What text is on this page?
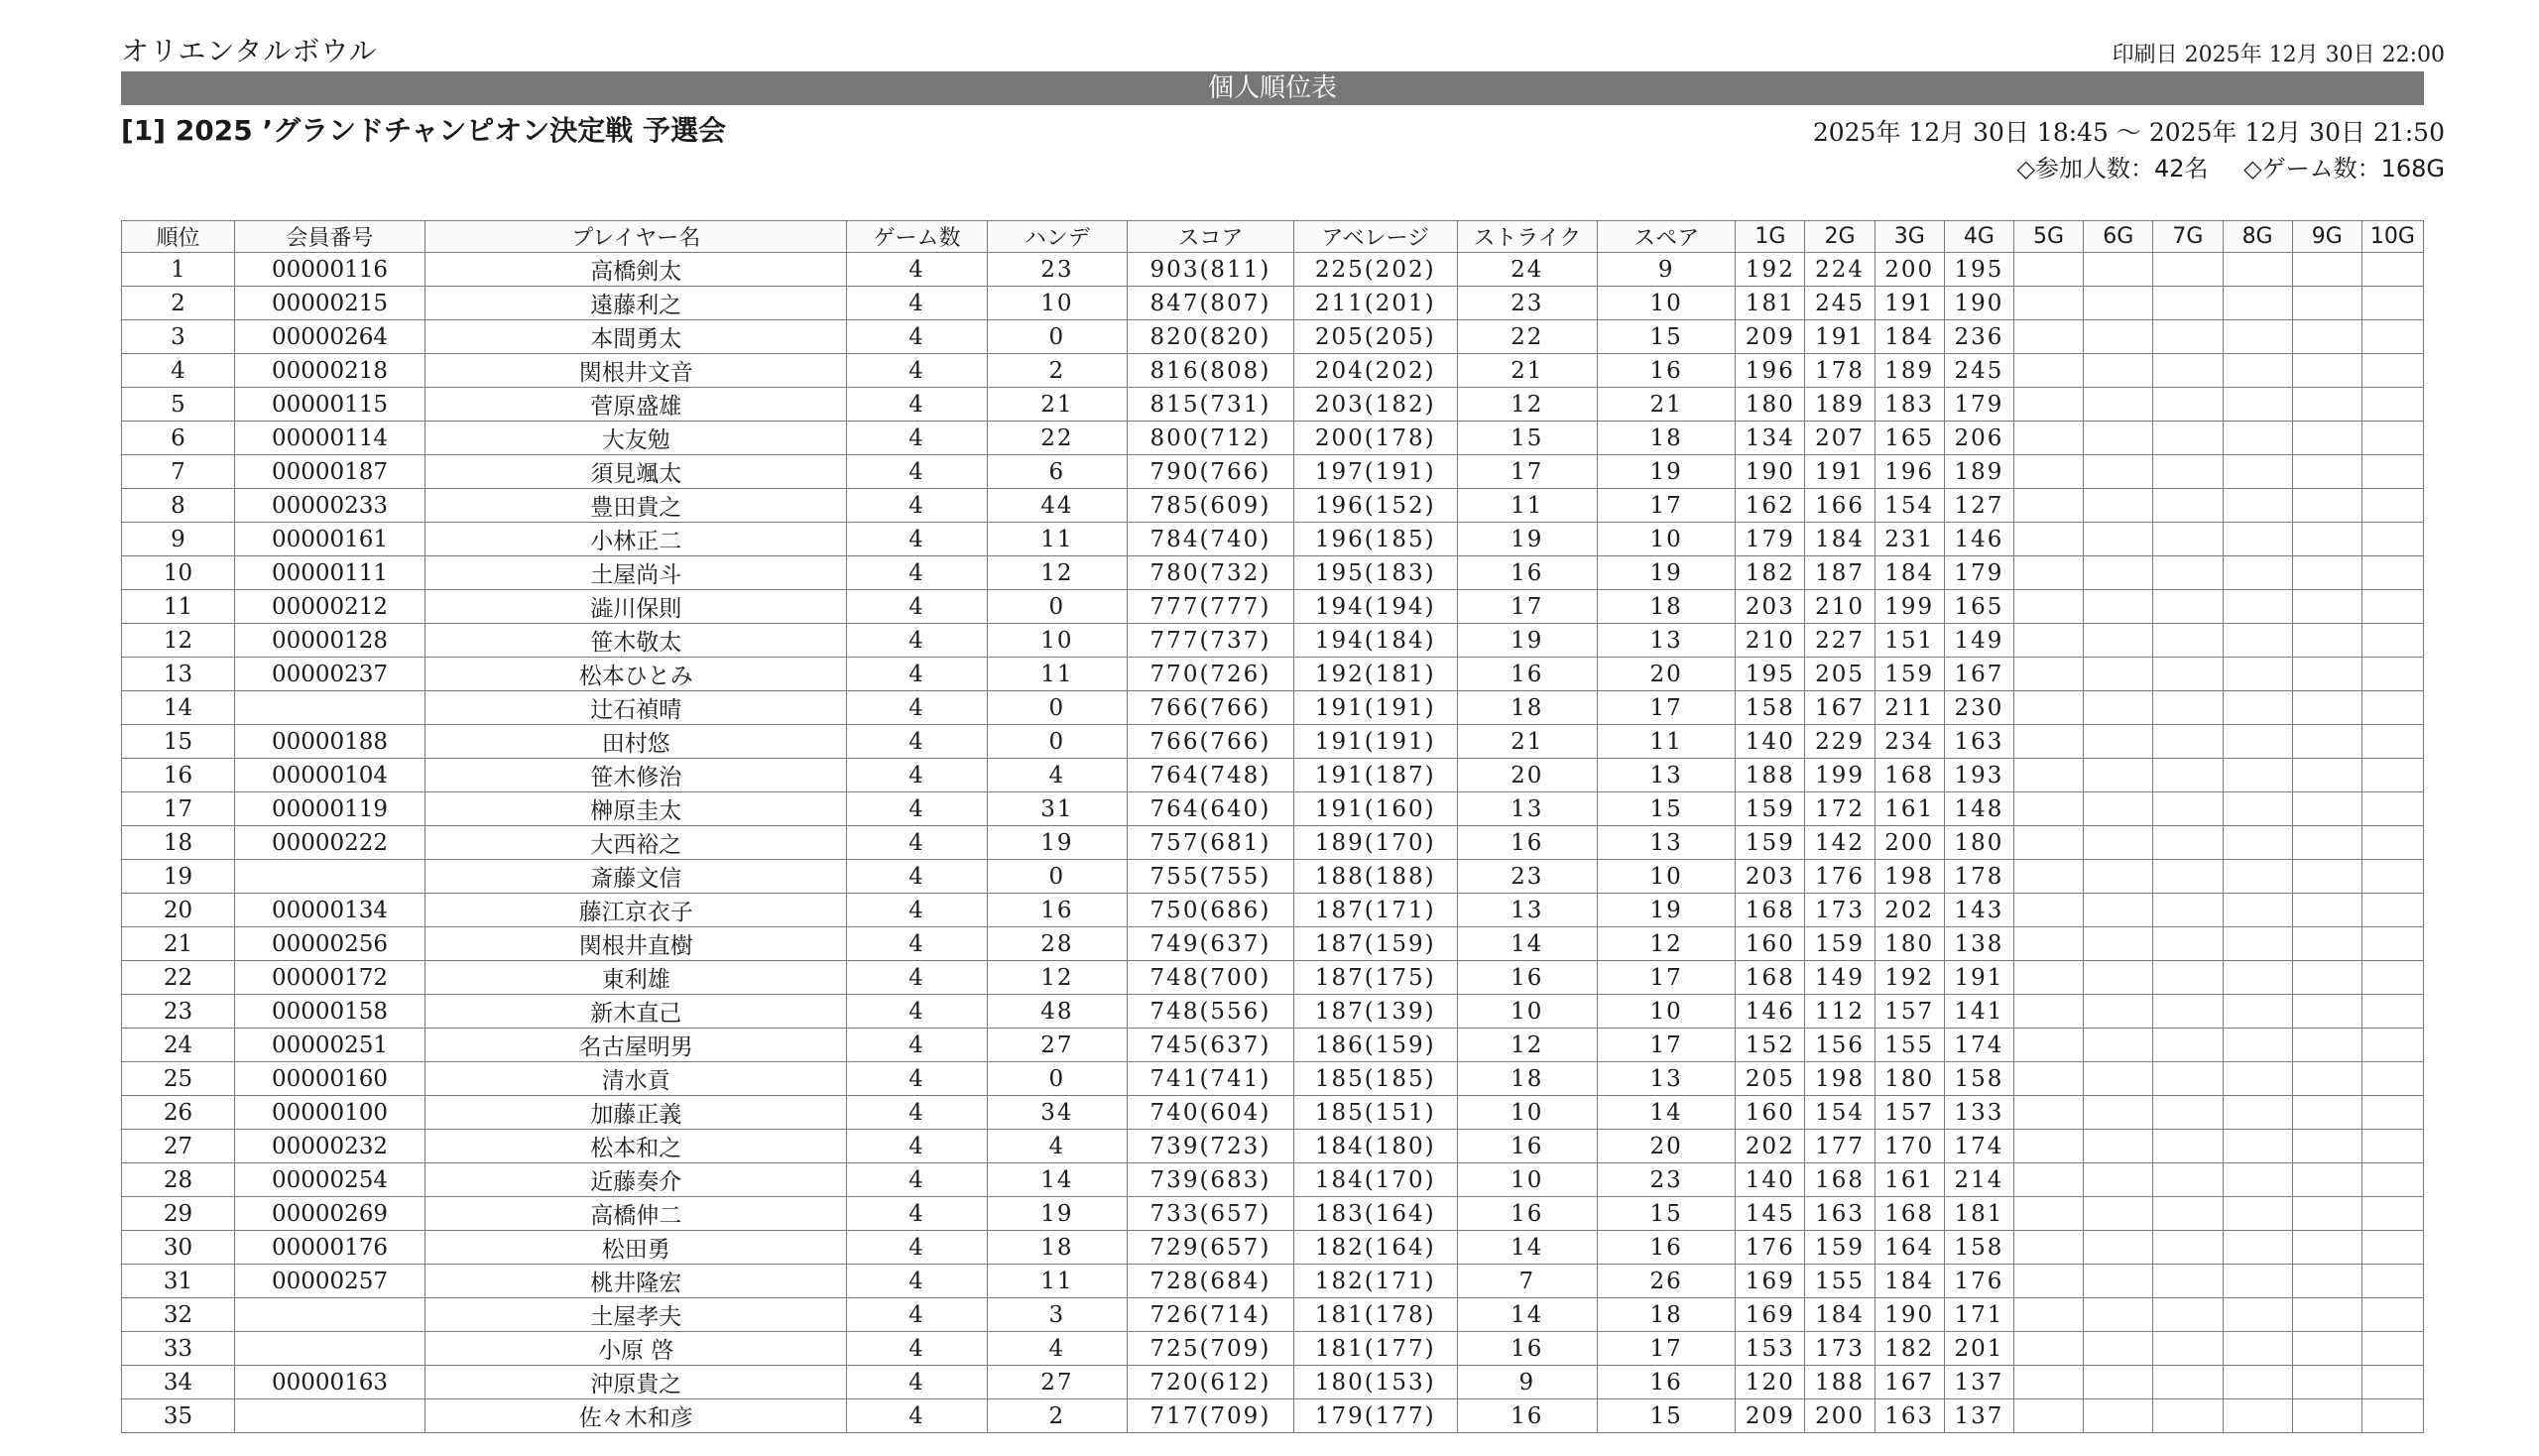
オリエンタルボウル	印刷日 2025年 12月 30日 22:00
個人順位表
[1] 2025 ’グランドチャンピオン決定戦 予選会	2025年 12月 30日 18:45 〜 2025年 12月 30日 21:50
◇参加人数：42名 ◇ゲーム数：168G
順位	会員番号	プレイヤー名	ゲーム数	ハンデ	スコア	アベレージ	ストライク	スペア	1G	2G	3G	4G	5G	6G	7G	8G	9G	10G
1	00000116	高橋剣太	4	23	903(811)	225(202)	24	9	192	224	200	195						
2	00000215	遠藤利之	4	10	847(807)	211(201)	23	10	181	245	191	190						
3	00000264	本間勇太	4	0	820(820)	205(205)	22	15	209	191	184	236						
4	00000218	関根井文音	4	2	816(808)	204(202)	21	16	196	178	189	245						
5	00000115	菅原盛雄	4	21	815(731)	203(182)	12	21	180	189	183	179						
6	00000114	大友勉	4	22	800(712)	200(178)	15	18	134	207	165	206						
7	00000187	須見颯太	4	6	790(766)	197(191)	17	19	190	191	196	189						
8	00000233	豊田貴之	4	44	785(609)	196(152)	11	17	162	166	154	127						
9	00000161	小林正二	4	11	784(740)	196(185)	19	10	179	184	231	146						
10	00000111	土屋尚斗	4	12	780(732)	195(183)	16	19	182	187	184	179						
11	00000212	澁川保則	4	0	777(777)	194(194)	17	18	203	210	199	165						
12	00000128	笹木敬太	4	10	777(737)	194(184)	19	13	210	227	151	149						
13	00000237	松本ひとみ	4	11	770(726)	192(181)	16	20	195	205	159	167						
14		辻石禎晴	4	0	766(766)	191(191)	18	17	158	167	211	230						
15	00000188	田村悠	4	0	766(766)	191(191)	21	11	140	229	234	163						
16	00000104	笹木修治	4	4	764(748)	191(187)	20	13	188	199	168	193						
17	00000119	榊原圭太	4	31	764(640)	191(160)	13	15	159	172	161	148						
18	00000222	大西裕之	4	19	757(681)	189(170)	16	13	159	142	200	180						
19		斎藤文信	4	0	755(755)	188(188)	23	10	203	176	198	178						
20	00000134	藤江京衣子	4	16	750(686)	187(171)	13	19	168	173	202	143						
21	00000256	関根井直樹	4	28	749(637)	187(159)	14	12	160	159	180	138						
22	00000172	東利雄	4	12	748(700)	187(175)	16	17	168	149	192	191						
23	00000158	新木直己	4	48	748(556)	187(139)	10	10	146	112	157	141						
24	00000251	名古屋明男	4	27	745(637)	186(159)	12	17	152	156	155	174						
25	00000160	清水貢	4	0	741(741)	185(185)	18	13	205	198	180	158						
26	00000100	加藤正義	4	34	740(604)	185(151)	10	14	160	154	157	133						
27	00000232	松本和之	4	4	739(723)	184(180)	16	20	202	177	170	174						
28	00000254	近藤奏介	4	14	739(683)	184(170)	10	23	140	168	161	214						
29	00000269	高橋伸二	4	19	733(657)	183(164)	16	15	145	163	168	181						
30	00000176	松田勇	4	18	729(657)	182(164)	14	16	176	159	164	158						
31	00000257	桃井隆宏	4	11	728(684)	182(171)	7	26	169	155	184	176						
32		土屋孝夫	4	3	726(714)	181(178)	14	18	169	184	190	171						
33		小原 啓	4	4	725(709)	181(177)	16	17	153	173	182	201						
34	00000163	沖原貴之	4	27	720(612)	180(153)	9	16	120	188	167	137						
35		佐々木和彦	4	2	717(709)	179(177)	16	15	209	200	163	137						
